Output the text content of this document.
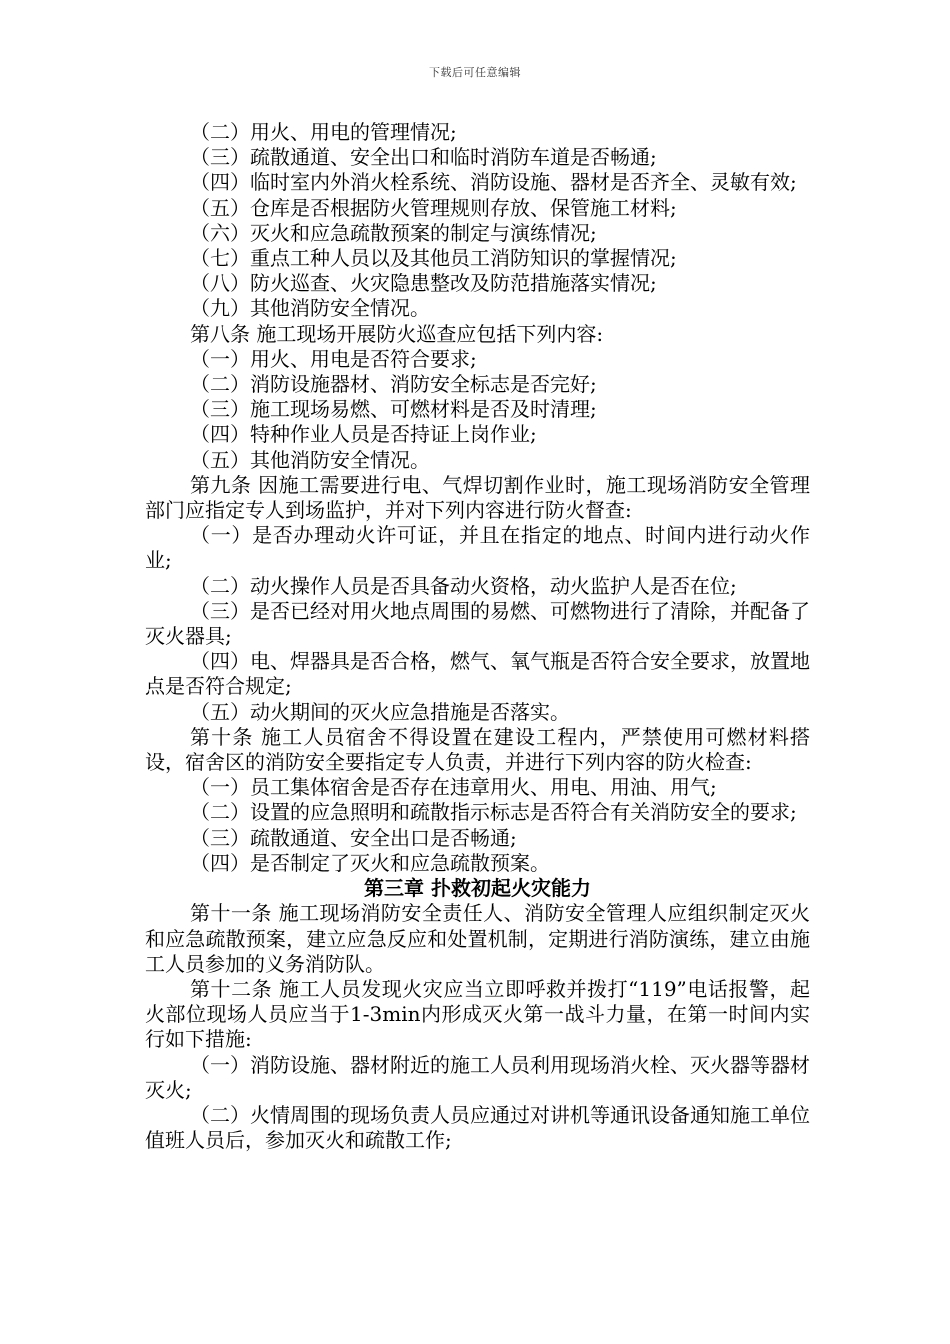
下载后可任意编辑

（二）用火、用电的管理情况;

（三）疏散通道、安全出口和临时消防车道是否畅通;

（四）临时室内外消火栓系统、消防设施、器材是否齐全、灵敏有效;

（五）仓库是否根据防火管理规则存放、保管施工材料;

（六）灭火和应急疏散预案的制定与演练情况;

（七）重点工种人员以及其他员工消防知识的掌握情况;

（八）防火巡查、火灾隐患整改及防范措施落实情况;

（九）其他消防安全情况。

第八条 施工现场开展防火巡查应包括下列内容:

（一）用火、用电是否符合要求;

（二）消防设施器材、消防安全标志是否完好;

（三）施工现场易燃、可燃材料是否及时清理;

（四）特种作业人员是否持证上岗作业;

（五）其他消防安全情况。

第九条 因施工需要进行电、气焊切割作业时，施工现场消防安全管理部门应指定专人到场监护，并对下列内容进行防火督查:

（一）是否办理动火许可证，并且在指定的地点、时间内进行动火作业;

（二）动火操作人员是否具备动火资格，动火监护人是否在位;

（三）是否已经对用火地点周围的易燃、可燃物进行了清除，并配备了灭火器具;

（四）电、焊器具是否合格，燃气、氧气瓶是否符合安全要求，放置地点是否符合规定;

（五）动火期间的灭火应急措施是否落实。

第十条 施工人员宿舍不得设置在建设工程内，严禁使用可燃材料搭设，宿舍区的消防安全要指定专人负责，并进行下列内容的防火检查:

（一）员工集体宿舍是否存在违章用火、用电、用油、用气;

（二）设置的应急照明和疏散指示标志是否符合有关消防安全的要求;

（三）疏散通道、安全出口是否畅通;

（四）是否制定了灭火和应急疏散预案。

第三章 扑救初起火灾能力

第十一条 施工现场消防安全责任人、消防安全管理人应组织制定灭火和应急疏散预案，建立应急反应和处置机制，定期进行消防演练，建立由施工人员参加的义务消防队。

第十二条 施工人员发现火灾应当立即呼救并拨打“119”电话报警，起火部位现场人员应当于1-3min内形成灭火第一战斗力量，在第一时间内实行如下措施:

（一）消防设施、器材附近的施工人员利用现场消火栓、灭火器等器材灭火;

（二）火情周围的现场负责人员应通过对讲机等通讯设备通知施工单位值班人员后，参加灭火和疏散工作;
